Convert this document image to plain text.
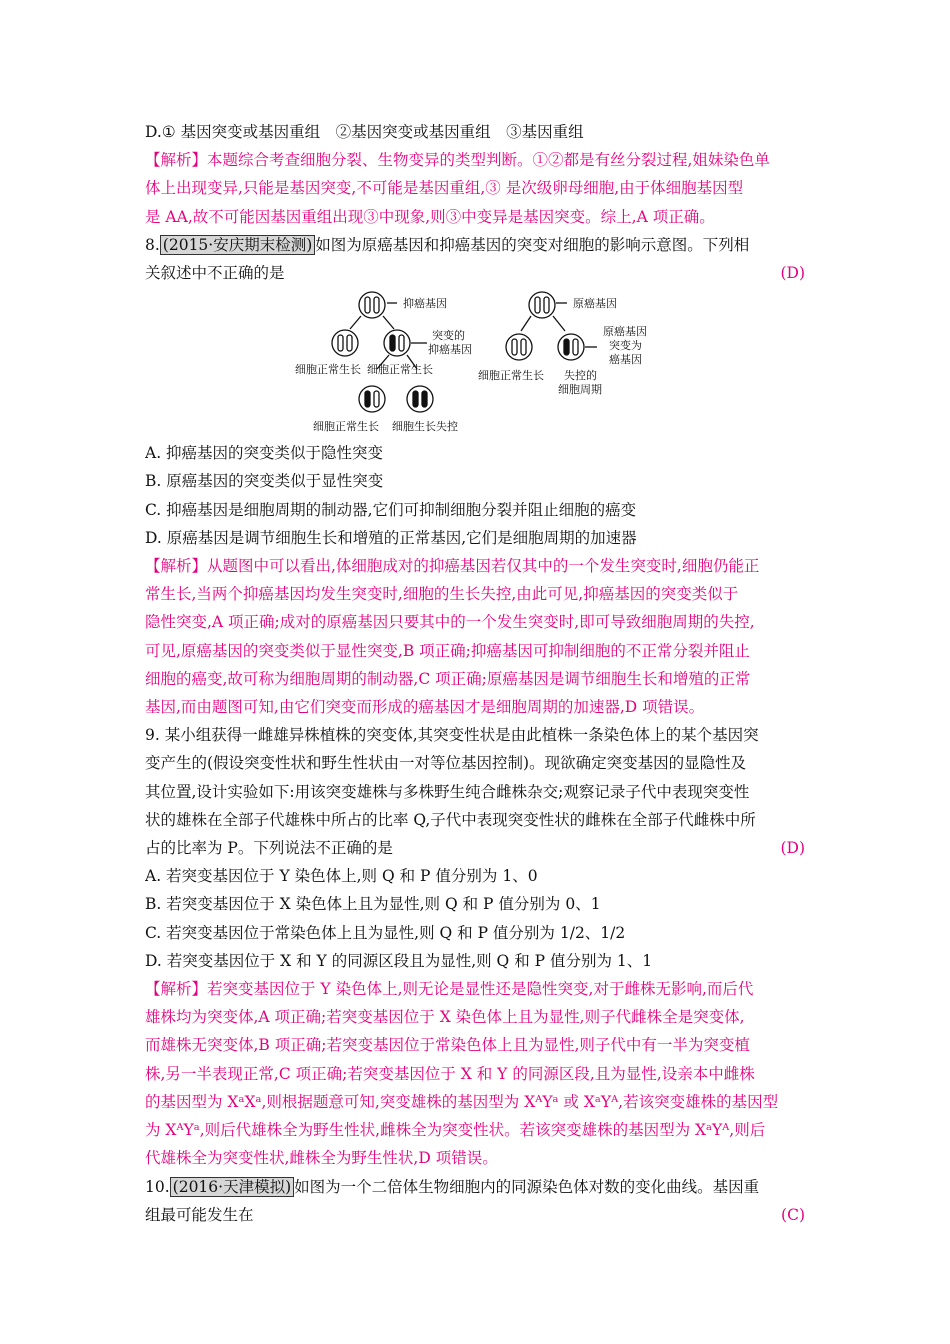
D.① 基因突变或基因重组　②基因突变或基因重组　③基因重组
【解析】本题综合考查细胞分裂、生物变异的类型判断。①②都是有丝分裂过程,姐妹染色单
体上出现变异,只能是基因突变,不可能是基因重组,③ 是次级卵母细胞,由于体细胞基因型
是 AA,故不可能因基因重组出现③中现象,则③中变异是基因突变。综上,A 项正确。
8. (2015·安庆期末检测) 如图为原癌基因和抑癌基因的突变对细胞的影响示意图。下列相
关叙述中不正确的是	(D)
抑癌基因
突变的
抑癌基因
细胞正常生长 细胞正常生长
细胞正常生长 细胞生长失控
原癌基因
原癌基因
突变为
癌基因
细胞正常生长 失控的
细胞周期
A. 抑癌基因的突变类似于隐性突变
B. 原癌基因的突变类似于显性突变
C. 抑癌基因是细胞周期的制动器,它们可抑制细胞分裂并阻止细胞的癌变
D. 原癌基因是调节细胞生长和增殖的正常基因,它们是细胞周期的加速器
【解析】从题图中可以看出,体细胞成对的抑癌基因若仅其中的一个发生突变时,细胞仍能正
常生长,当两个抑癌基因均发生突变时,细胞的生长失控,由此可见,抑癌基因的突变类似于
隐性突变,A 项正确;成对的原癌基因只要其中的一个发生突变时,即可导致细胞周期的失控,
可见,原癌基因的突变类似于显性突变,B 项正确;抑癌基因可抑制细胞的不正常分裂并阻止
细胞的癌变,故可称为细胞周期的制动器,C 项正确;原癌基因是调节细胞生长和增殖的正常
基因,而由题图可知,由它们突变而形成的癌基因才是细胞周期的加速器,D 项错误。
9. 某小组获得一雌雄异株植株的突变体,其突变性状是由此植株一条染色体上的某个基因突
变产生的(假设突变性状和野生性状由一对等位基因控制)。现欲确定突变基因的显隐性及
其位置,设计实验如下:用该突变雄株与多株野生纯合雌株杂交;观察记录子代中表现突变性
状的雄株在全部子代雄株中所占的比率 Q,子代中表现突变性状的雌株在全部子代雌株中所
占的比率为 P。下列说法不正确的是	(D)
A. 若突变基因位于 Y 染色体上,则 Q 和 P 值分别为 1、0
B. 若突变基因位于 X 染色体上且为显性,则 Q 和 P 值分别为 0、1
C. 若突变基因位于常染色体上且为显性,则 Q 和 P 值分别为 1/2、1/2
D. 若突变基因位于 X 和 Y 的同源区段且为显性,则 Q 和 P 值分别为 1、1
【解析】若突变基因位于 Y 染色体上,则无论是显性还是隐性突变,对于雌株无影响,而后代
雄株均为突变体,A 项正确;若突变基因位于 X 染色体上且为显性,则子代雌株全是突变体,
而雄株无突变体,B 项正确;若突变基因位于常染色体上且为显性,则子代中有一半为突变植
株,另一半表现正常,C 项正确;若突变基因位于 X 和 Y 的同源区段,且为显性,设亲本中雌株
的基因型为 XᵃXᵃ,则根据题意可知,突变雄株的基因型为 XᴬYᵃ 或 XᵃYᴬ,若该突变雄株的基因型
为 XᴬYᵃ,则后代雄株全为野生性状,雌株全为突变性状。若该突变雄株的基因型为 XᵃYᴬ,则后
代雄株全为突变性状,雌株全为野生性状,D 项错误。
10. (2016·天津模拟) 如图为一个二倍体生物细胞内的同源染色体对数的变化曲线。基因重
组最可能发生在	(C)
